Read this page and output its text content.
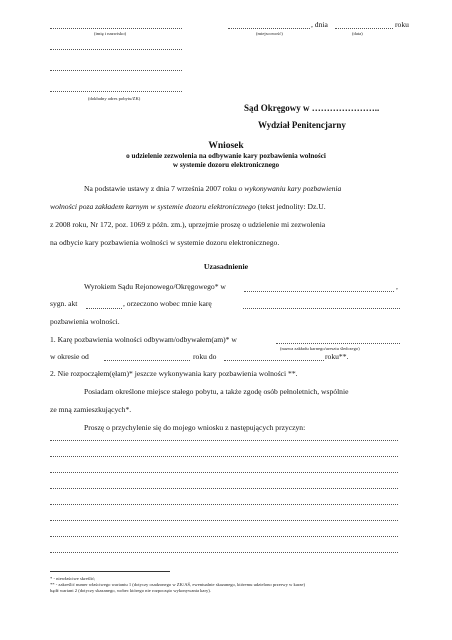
(imię i nazwisko)
, dnia	roku
(miejscowość)	(data)
(dokładny adres pobytu/ZK)
Sąd Okręgowy w …………………..
Wydział Penitencjarny
Wniosek
o udzielenie zezwolenia na odbywanie kary pozbawienia wolności
w systemie dozoru elektronicznego
Na podstawie ustawy z dnia 7 września 2007 roku o wykonywaniu kary pozbawienia
wolności poza zakładem karnym w systemie dozoru elektronicznego (tekst jednolity: Dz.U.
z 2008 roku, Nr 172, poz. 1069 z późn. zm.), uprzejmie proszę o udzielenie mi zezwolenia
na odbycie kary pozbawienia wolności w systemie dozoru elektronicznego.
Uzasadnienie
Wyrokiem Sądu Rejonowego/Okręgowego* w	,
sygn. akt	, orzeczono wobec mnie karę
pozbawienia wolności.
1. Karę pozbawienia wolności odbywam/odbywałem(am)* w
(nazwa zakładu karnego/aresztu śledczego)
w okresie od	roku do	roku**.
2. Nie rozpocząłem(ęłam)* jeszcze wykonywania kary pozbawienia wolności **.
Posiadam określone miejsce stałego pobytu, a także zgodę osób pełnoletnich, wspólnie
ze mną zamieszkujących*.
Proszę o przychylenie się do mojego wniosku z następujących przyczyn:
* - niewłaściwe skreślić;
** - zakreślić numer właściwego wariantu 1 (dotyczy osadzonego w ZK/AŚ, ewentualnie skazanego, któremu udzielono przerwy w karze)
bądź wariant 2 (dotyczy skazanego, wobec którego nie rozpoczęto wykonywania kary).
